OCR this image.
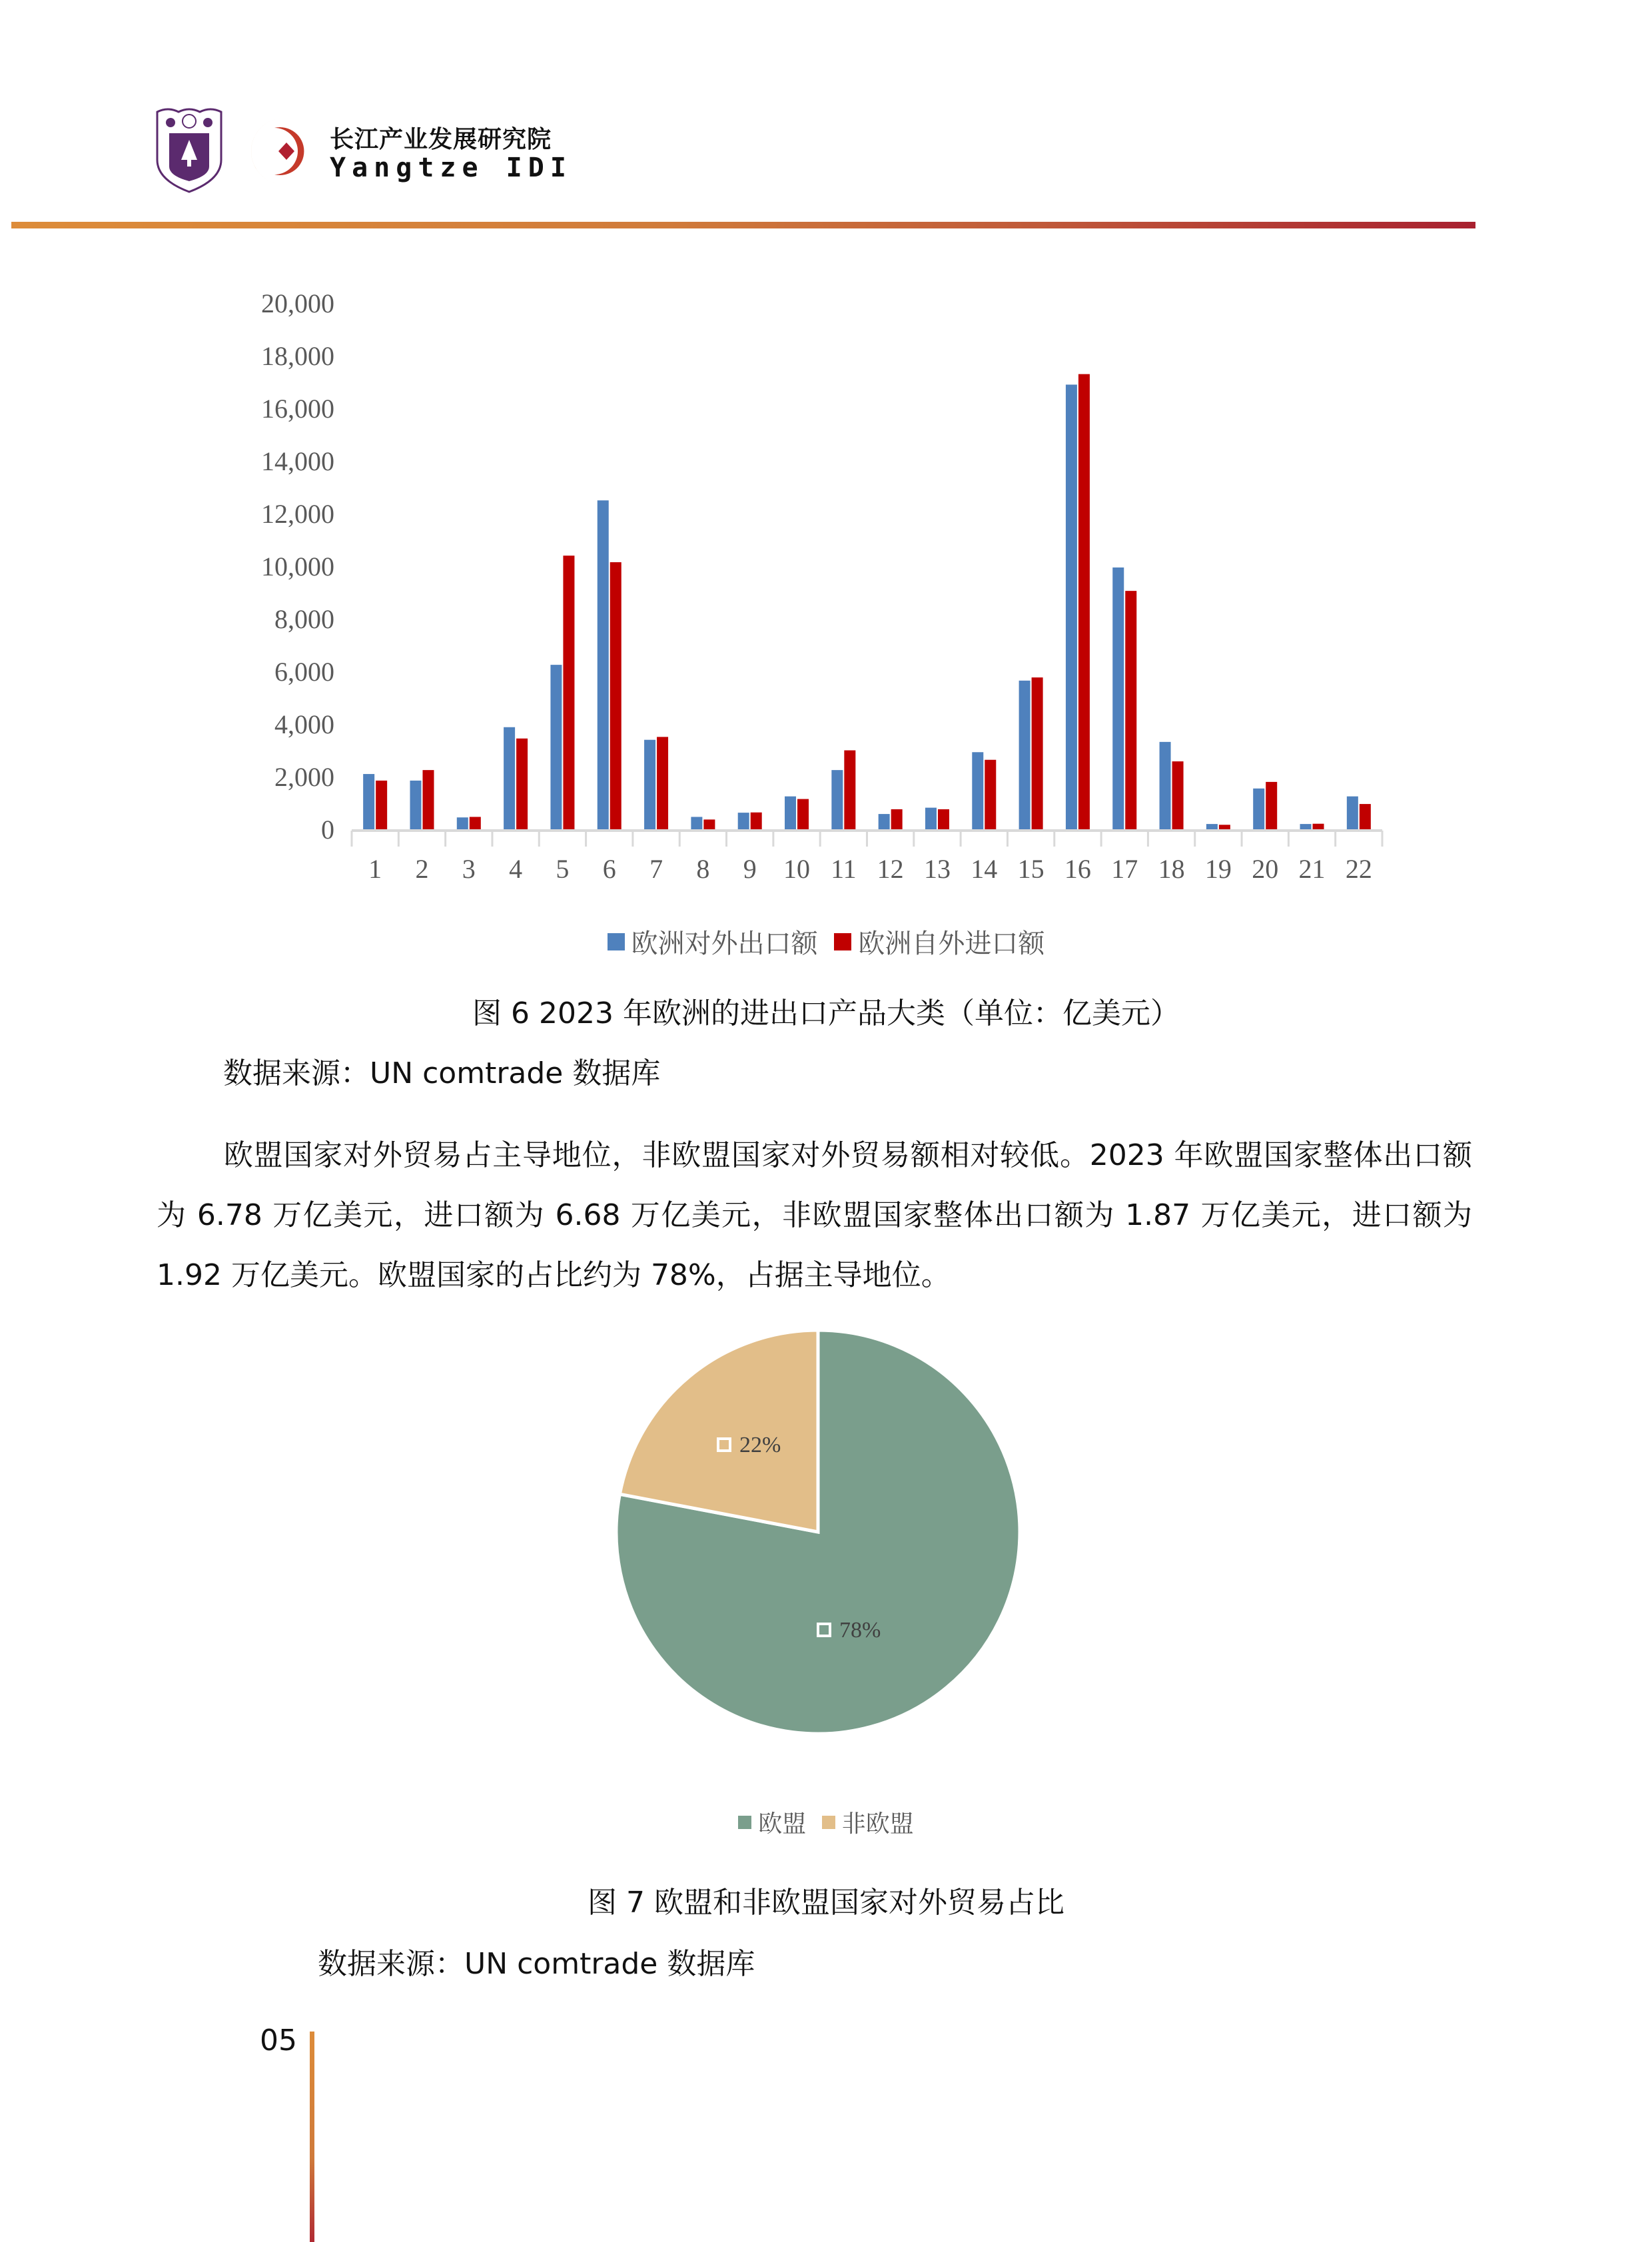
长江产业发展研究院
Yangtze IDI
0
2,000
4,000
6,000
8,000
10,000
12,000
14,000
16,000
18,000
20,000
1 2 3 4 5 6 7 8 9 10 11 12 13 14 15 16 17 18 19 20 21 22
欧洲对外出口额
欧洲自外进口额
图 6 2023 年欧洲的进出口产品大类（单位：亿美元）
数据来源：UN comtrade 数据库
欧盟国家对外贸易占主导地位，非欧盟国家对外贸易额相对较低。2023 年欧盟国家整体出口额为 6.78 万亿美元，进口额为 6.68 万亿美元，非欧盟国家整体出口额为 1.87 万亿美元，进口额为 1.92 万亿美元。欧盟国家的占比约为 78%，占据主导地位。
78%
22%
欧盟
非欧盟
图 7 欧盟和非欧盟国家对外贸易占比
数据来源：UN comtrade 数据库
05
